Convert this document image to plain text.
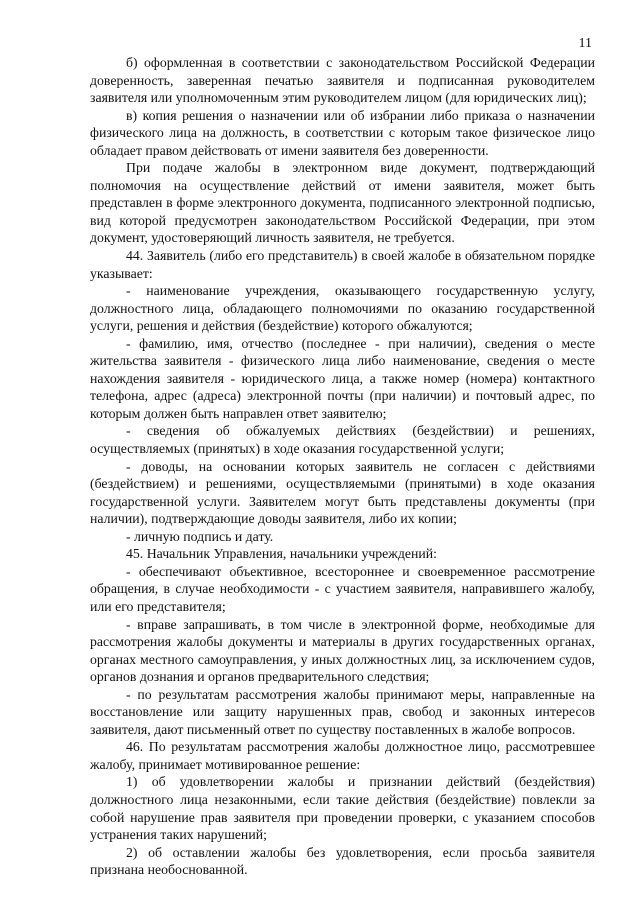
11

б) оформленная в соответствии с законодательством Российской Федерации доверенность, заверенная печатью заявителя и подписанная руководителем заявителя или уполномоченным этим руководителем лицом (для юридических лиц);

в) копия решения о назначении или об избрании либо приказа о назначении физического лица на должность, в соответствии с которым такое физическое лицо обладает правом действовать от имени заявителя без доверенности.

При подаче жалобы в электронном виде документ, подтверждающий полномочия на осуществление действий от имени заявителя, может быть представлен в форме электронного документа, подписанного электронной подписью, вид которой предусмотрен законодательством Российской Федерации, при этом документ, удостоверяющий личность заявителя, не требуется.

44. Заявитель (либо его представитель) в своей жалобе в обязательном порядке указывает:

- наименование учреждения, оказывающего государственную услугу, должностного лица, обладающего полномочиями по оказанию государственной услуги, решения и действия (бездействие) которого обжалуются;

- фамилию, имя, отчество (последнее - при наличии), сведения о месте жительства заявителя - физического лица либо наименование, сведения о месте нахождения заявителя - юридического лица, а также номер (номера) контактного телефона, адрес (адреса) электронной почты (при наличии) и почтовый адрес, по которым должен быть направлен ответ заявителю;

- сведения об обжалуемых действиях (бездействии) и решениях, осуществляемых (принятых) в ходе оказания государственной услуги;

- доводы, на основании которых заявитель не согласен с действиями (бездействием) и решениями, осуществляемыми (принятыми) в ходе оказания государственной услуги. Заявителем могут быть представлены документы (при наличии), подтверждающие доводы заявителя, либо их копии;

- личную подпись и дату.

45. Начальник Управления, начальники учреждений:

- обеспечивают объективное, всестороннее и своевременное рассмотрение обращения, в случае необходимости - с участием заявителя, направившего жалобу, или его представителя;

- вправе запрашивать, в том числе в электронной форме, необходимые для рассмотрения жалобы документы и материалы в других государственных органах, органах местного самоуправления, у иных должностных лиц, за исключением судов, органов дознания и органов предварительного следствия;

- по результатам рассмотрения жалобы принимают меры, направленные на восстановление или защиту нарушенных прав, свобод и законных интересов заявителя, дают письменный ответ по существу поставленных в жалобе вопросов.

46. По результатам рассмотрения жалобы должностное лицо, рассмотревшее жалобу, принимает мотивированное решение:

1) об удовлетворении жалобы и признании действий (бездействия) должностного лица незаконными, если такие действия (бездействие) повлекли за собой нарушение прав заявителя при проведении проверки, с указанием способов устранения таких нарушений;

2) об оставлении жалобы без удовлетворения, если просьба заявителя признана необоснованной.
